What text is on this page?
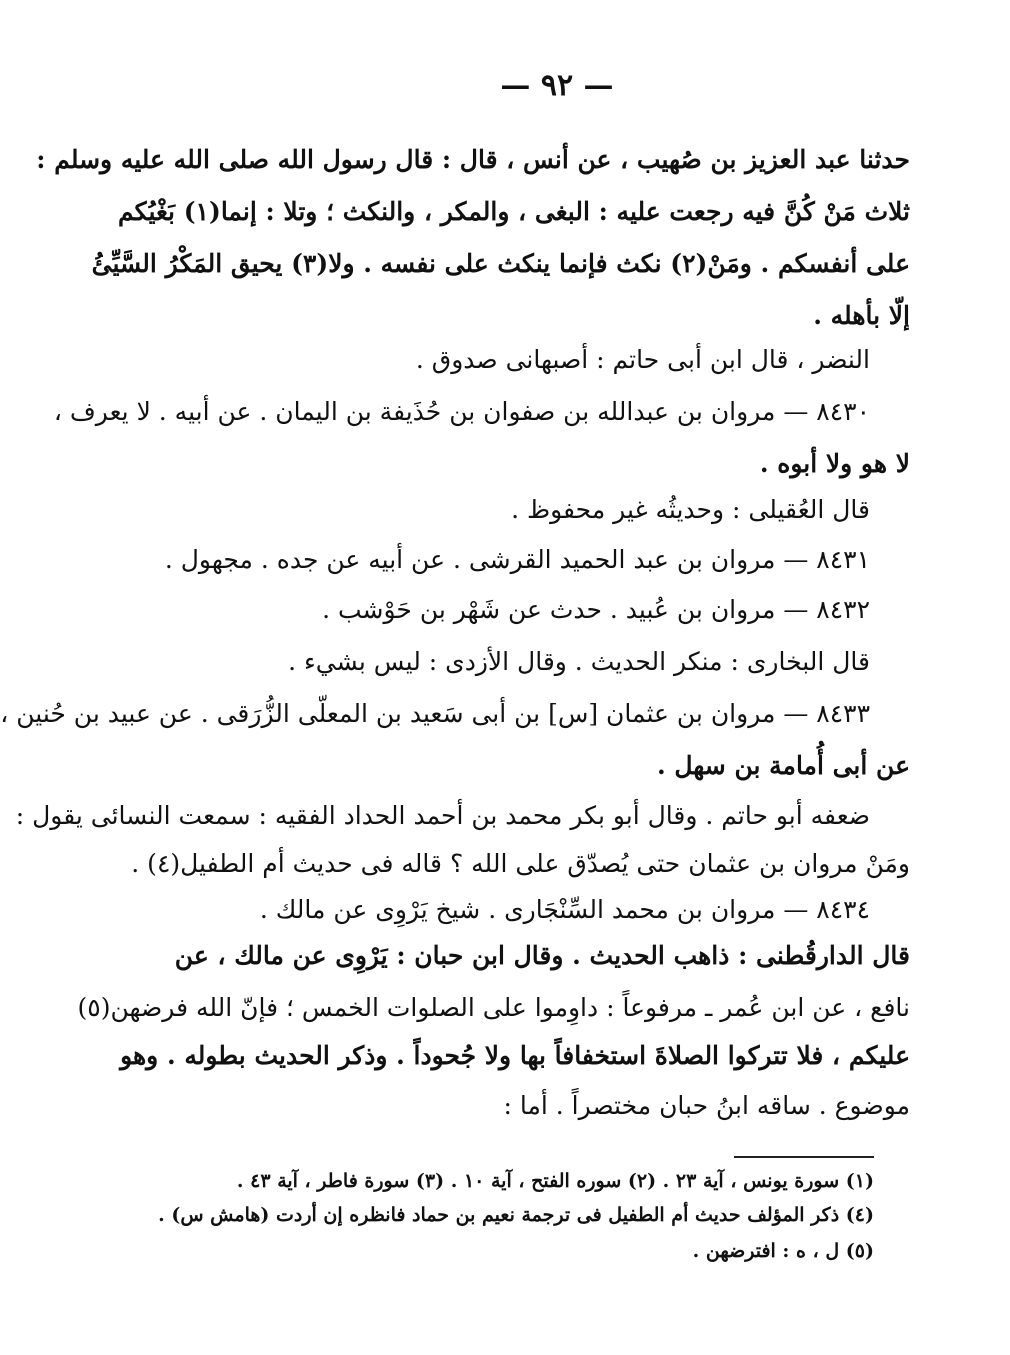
— ٩٢ —
حدثنا عبد العزيز بن صُهيب ، عن أنس ، قال : قال رسول الله صلى الله عليه وسلم :
ثلاث مَنْ كُنَّ فيه رجعت عليه : البغى ، والمكر ، والنكث ؛ وتلا : إنما(١) بَغْيُكم
على أنفسكم . ومَنْ(٢) نكث فإنما ينكث على نفسه . ولا(٣) يحيق المَكْرُ السَّيِّئُ
إلّا بأهله .
النضر ، قال ابن أبى حاتم : أصبهانى صدوق .
٨٤٣٠ — مروان بن عبدالله بن صفوان بن حُذَيفة بن اليمان . عن أبيه . لا يعرف ،
لا هو ولا أبوه .
قال العُقيلى : وحديثُه غير محفوظ .
٨٤٣١ — مروان بن عبد الحميد القرشى . عن أبيه عن جده . مجهول .
٨٤٣٢ — مروان بن عُبيد . حدث عن شَهْر بن حَوْشب .
قال البخارى : منكر الحديث . وقال الأزدى : ليس بشيء .
٨٤٣٣ — مروان بن عثمان [س] بن أبى سَعيد بن المعلّى الزُّرَقى . عن عبيد بن حُنين ،
عن أبى أُمامة بن سهل .
ضعفه أبو حاتم . وقال أبو بكر محمد بن أحمد الحداد الفقيه : سمعت النسائى يقول :
ومَنْ مروان بن عثمان حتى يُصدّق على الله ؟ قاله فى حديث أم الطفيل(٤) .
٨٤٣٤ — مروان بن محمد السِّنْجَارى . شيخ يَرْوِى عن مالك .
قال الدارقُطنى : ذاهب الحديث . وقال ابن حبان : يَرْوِى عن مالك ، عن
نافع ، عن ابن عُمر ـ مرفوعاً : داوِموا على الصلوات الخمس ؛ فإنّ الله فرضهن(٥)
عليكم ، فلا تتركوا الصلاةَ استخفافاً بها ولا جُحوداً . وذكر الحديث بطوله . وهو
موضوع . ساقه ابنُ حبان مختصراً . أما :
(١) سورة يونس ، آية ٢٣ . (٢) سوره الفتح ، آية ١٠ . (٣) سورة فاطر ، آية ٤٣ .
(٤) ذكر المؤلف حديث أم الطفيل فى ترجمة نعيم بن حماد فانظره إن أردت (هامش س) .
(٥) ل ، ه : افترضهن .
